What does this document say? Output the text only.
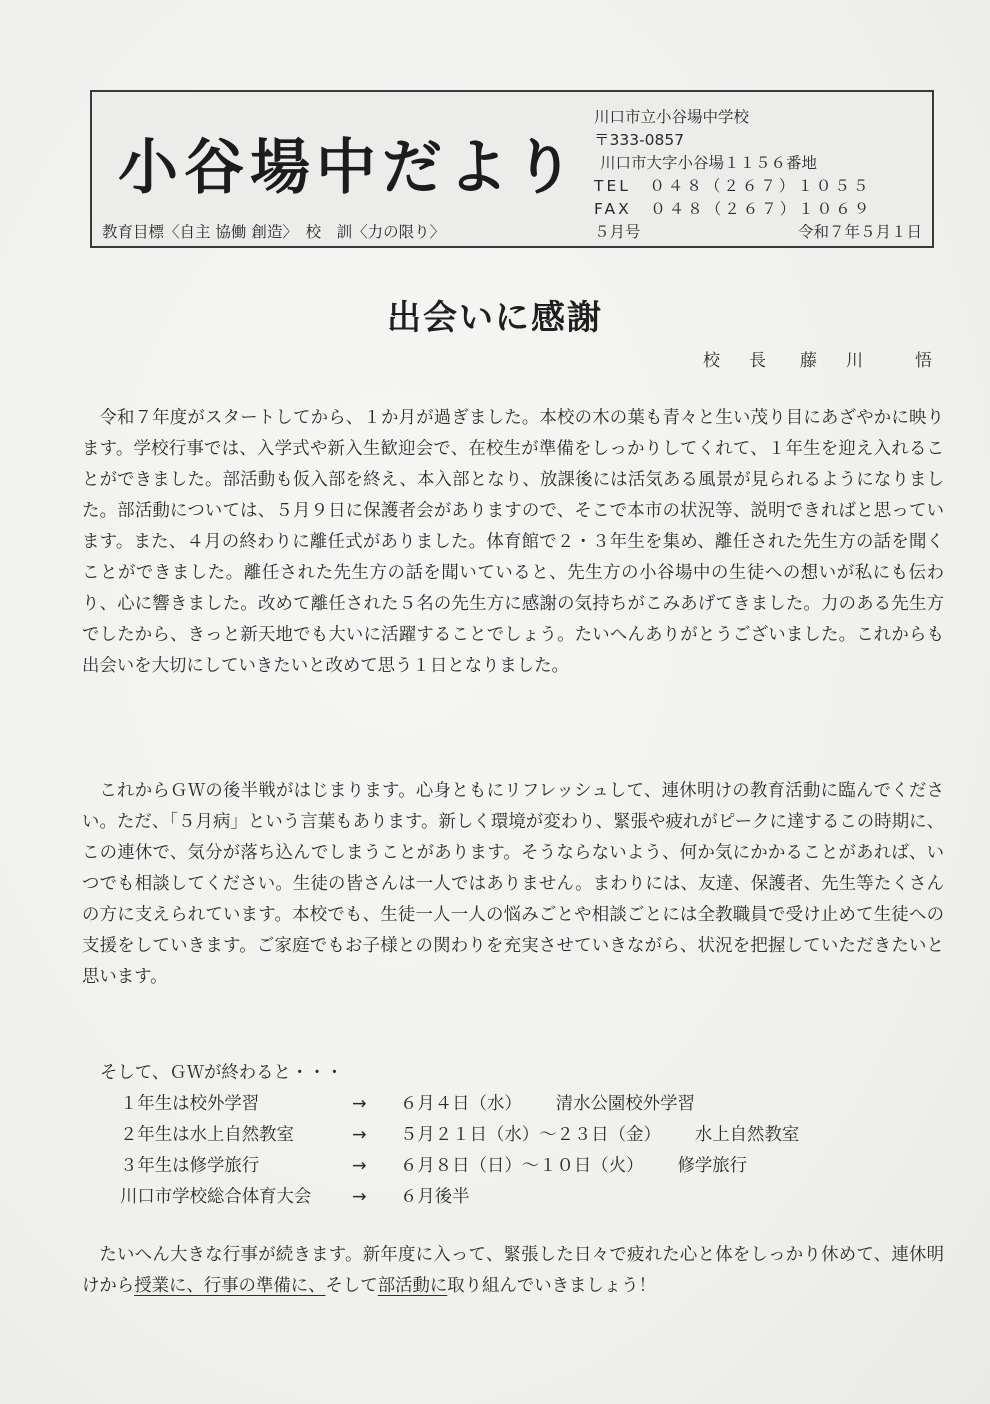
小谷場中だより
川口市立小谷場中学校
〒333-0857
川口市大字小谷場１１５６番地
TEL　０４８（２６７）１０５５
FAX　０４８（２６７）１０６９
教育目標〈自主 協働 創造〉　校　訓〈力の限り〉	５月号	令和７年５月１日
出会いに感謝
校　長 藤　川　　悟

令和７年度がスタートしてから、１か月が過ぎました。本校の木の葉も青々と生い茂り目にあざやかに映ります。学校行事では、入学式や新入生歓迎会で、在校生が準備をしっかりしてくれて、１年生を迎え入れることができました。部活動も仮入部を終え、本入部となり、放課後には活気ある風景が見られるようになりました。部活動については、５月９日に保護者会がありますので、そこで本市の状況等、説明できればと思っています。また、４月の終わりに離任式がありました。体育館で２・３年生を集め、離任された先生方の話を聞くことができました。離任された先生方の話を聞いていると、先生方の小谷場中の生徒への想いが私にも伝わり、心に響きました。改めて離任された５名の先生方に感謝の気持ちがこみあげてきました。力のある先生方でしたから、きっと新天地でも大いに活躍することでしょう。たいへんありがとうございました。これからも出会いを大切にしていきたいと改めて思う１日となりました。

これからＧＷの後半戦がはじまります。心身ともにリフレッシュして、連休明けの教育活動に臨んでください。ただ、「５月病」という言葉もあります。新しく環境が変わり、緊張や疲れがピークに達するこの時期に、この連休で、気分が落ち込んでしまうことがあります。そうならないよう、何か気にかかることがあれば、いつでも相談してください。生徒の皆さんは一人ではありません。まわりには、友達、保護者、先生等たくさんの方に支えられています。本校でも、生徒一人一人の悩みごとや相談ごとには全教職員で受け止めて生徒への支援をしていきます。ご家庭でもお子様との関わりを充実させていきながら、状況を把握していただきたいと思います。

そして、ＧＷが終わると・・・
１年生は校外学習	→ ６月４日（水） 清水公園校外学習
２年生は水上自然教室	→ ５月２１日（水）～２３日（金） 水上自然教室
３年生は修学旅行	→ ６月８日（日）～１０日（火） 修学旅行
川口市学校総合体育大会 → ６月後半

たいへん大きな行事が続きます。新年度に入って、緊張した日々で疲れた心と体をしっかり休めて、連休明けから授業に、行事の準備に、そして部活動に取り組んでいきましょう！
